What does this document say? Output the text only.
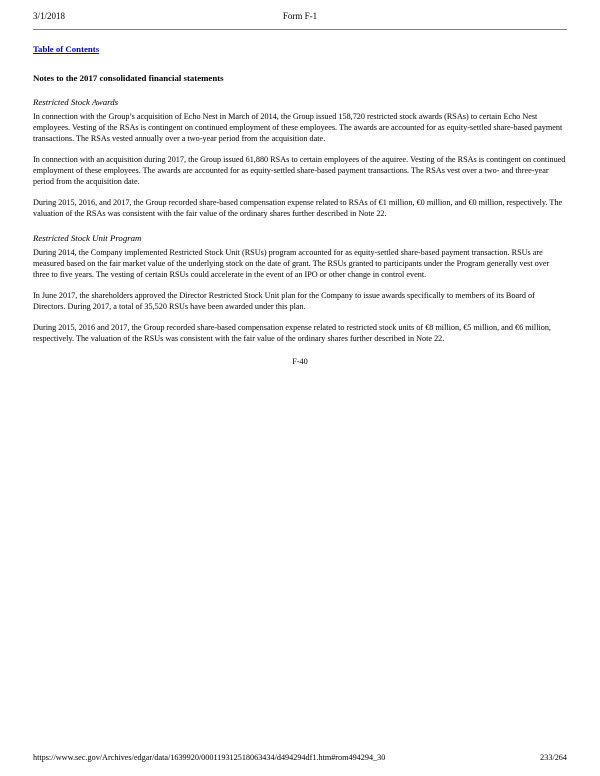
3/1/2018	Form F-1
Table of Contents
Notes to the 2017 consolidated financial statements
Restricted Stock Awards

In connection with the Group’s acquisition of Echo Nest in March of 2014, the Group issued 158,720 restricted stock awards (RSAs) to certain Echo Nest employees. Vesting of the RSAs is contingent on continued employment of these employees. The awards are accounted for as equity-settled share-based payment transactions. The RSAs vested annually over a two-year period from the acquisition date.

In connection with an acquisition during 2017, the Group issued 61,880 RSAs to certain employees of the aquiree. Vesting of the RSAs is contingent on continued employment of these employees. The awards are accounted for as equity-settled share-based payment transactions. The RSAs vest over a two- and three-year period from the acquisition date.

During 2015, 2016, and 2017, the Group recorded share-based compensation expense related to RSAs of €1 million, €0 million, and €0 million, respectively. The valuation of the RSAs was consistent with the fair value of the ordinary shares further described in Note 22.

Restricted Stock Unit Program

During 2014, the Company implemented Restricted Stock Unit (RSUs) program accounted for as equity-settled share-based payment transaction. RSUs are measured based on the fair market value of the underlying stock on the date of grant. The RSUs granted to participants under the Program generally vest over three to five years. The vesting of certain RSUs could accelerate in the event of an IPO or other change in control event.

In June 2017, the shareholders approved the Director Restricted Stock Unit plan for the Company to issue awards specifically to members of its Board of Directors. During 2017, a total of 35,520 RSUs have been awarded under this plan.

During 2015, 2016 and 2017, the Group recorded share-based compensation expense related to restricted stock units of €8 million, €5 million, and €6 million, respectively. The valuation of the RSUs was consistent with the fair value of the ordinary shares further described in Note 22.

F-40
https://www.sec.gov/Archives/edgar/data/1639920/000119312518063434/d494294df1.htm#rom494294_30	233/264
